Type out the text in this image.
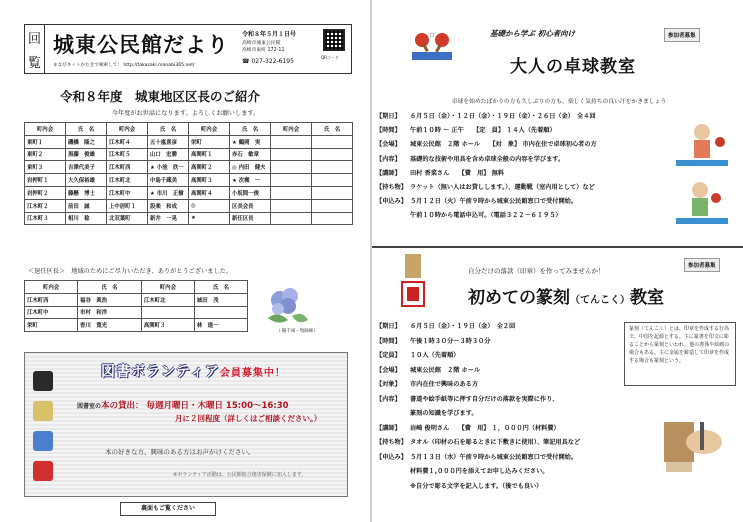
回
覧
城東公民館だより
まなびネットかたきで検索して！ http://takasaki.manabi365.net/
令和８年５月１日号
高崎市城東公民館
高崎市東町 172-11
☎ 027-322-6195
QRコード
令和８年度　城東地区区長のご紹介
今年度がお世話になります。よろしくお願いします。
町内会	氏　名	町内会	氏　名	町内会	氏　名	町内会	氏　名
東町１	磯橋　隆之	江木町４	五十嵐喜彦	栄町	★ 鶴岡　実		
東町２	黒藤　俊雄	江木町５	山口　宏勝	高関町１	赤石　敏章		
東町３	吉澤代美子	江木町西	★ 小池　欣一	高関町２	◎ 内田　健夫		
岩押町１	大久保裕雄	江木町北	中島千蔵美	高関町３	★ 次槻　一		
岩押町２	藤懸　博士	江木町中	★ 市川　正樹	高関町４	小坂間一俊		
江木町２	前田　誠	上中居町１	設楽　和成	◎	区長会長		
江木町３	相川　稔	北双葉町	新井　一晃	★	新任区長		
＜退任区長＞　地域のためにご尽力いただき、ありがとうございました。
町内会	氏　名	町内会	氏　名
江木町西	福谷　眞浩	江木町北	城田　茂
江木町中	市村　和洋		
栄町	香川　寛光	高関町３	林　進一
（ 陽千両・牧師柿）
図書ボランティア会員募集中！
図書室の本の貸出： 毎週月曜日・木曜日 15:00～16:30
月に２回程度（詳しくはご相談ください。）
本の好きな方、興味のある方はお声がけください。
※ボランティア活動は、公民館総合傷害保険に加入します。
裏面もご覧ください
基礎から学ぶ 初心者向け	参加者募集
大人の卓球教室
卓球を始めたばかりの方も久しぶりの方も、楽しく気持ちの良い汗をかきましょう
【 期日 】 ６月５日（金）・１２日（金）・１９日（金）・２６日（金）　全４回
【 時間 】 午前１０時 ～ 正午　　【定　員】 １４人（先着順）
【 会場 】 城東公民館　２階 ホール　　【対　象】 市内在住で卓球初心者の方
【 内容 】 基礎的な技術や用具を含め卓球全般の内容を学びます。
【 講師 】 田村 香菜さん　　【費　用】 無料
【 持ち物 】 ラケット（無い人はお貸しします。）、運動靴（室内用として）など
【 申込み 】 ５月１２日（火）午前９時から城東公民館窓口で受付開始。
午前１０時から電話申込可。（電話３２２－６１９５）
自分だけの落款（印章）を作ってみませんか！
参加者募集
初めての篆刻（てんこく）教室
【 期日 】 ６月５日（金）・１９日（金）　全２回
【 時間 】 午後１時３０分～３時３０分
【 定員 】 １０人（先着順）
【 会場 】 城東公民館　２階 ホール
【 対象 】 市内在住で興味のある方
【 内容 】 書道や絵手紙等に押す自分だけの落款を実際に作り、
篆刻の知識を学びます。
【 講師 】 岩崎 俊明さん　　【費　用】 １，０００円（材料費）
【 持ち物 】 タオル（印材の石を彫るときに下敷きに使用）、筆記用具など
【 申込み 】 ５月１３日（水）午前９時から城東公民館窓口で受付開始。
材料費１,０００円を添えてお申し込みください。
※自分で彫る文字を記入します。（後でも良い）
篆刻（てんこく）とは、印章を作成する行為で、中国を起源とする。主に篆書を印文に彫ることから篆刻といわれ、他の書体や絵画の場合もある。主に金属を鋳造して印章を作成する場合も篆刻という。
